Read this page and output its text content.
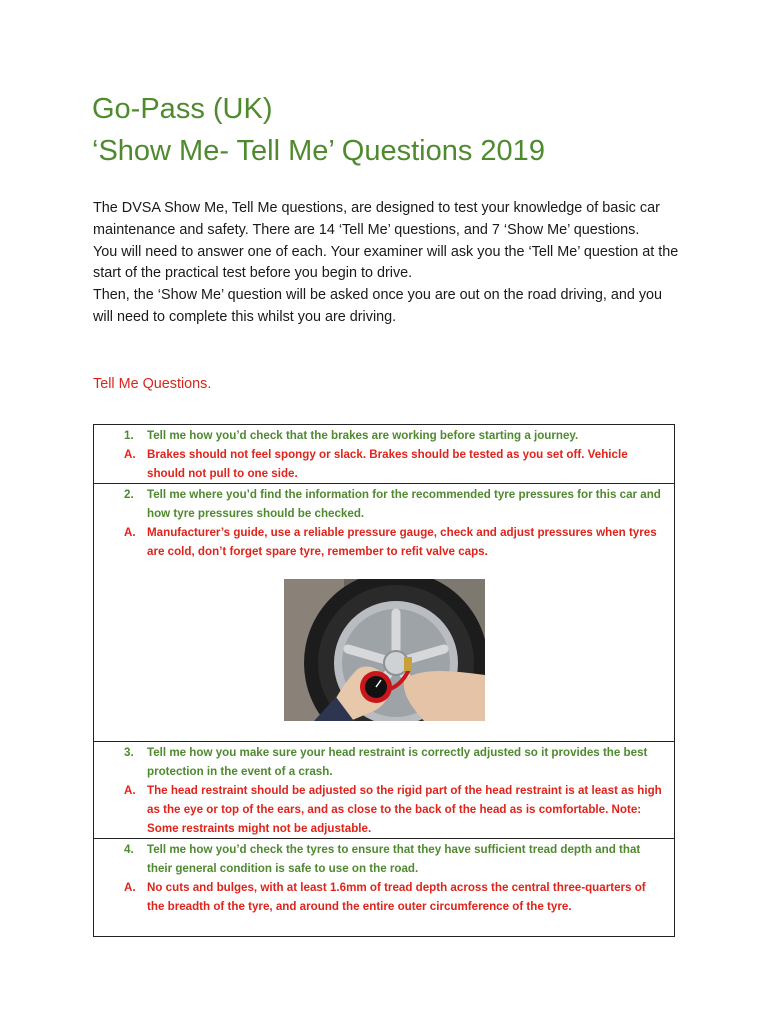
Go-Pass (UK)
‘Show Me- Tell Me’ Questions 2019

The DVSA Show Me, Tell Me questions, are designed to test your knowledge of basic car maintenance and safety. There are 14 ‘Tell Me’ questions, and 7 ‘Show Me’ questions.

You will need to answer one of each. Your examiner will ask you the ‘Tell Me’ question at the start of the practical test before you begin to drive.

Then, the ‘Show Me’ question will be asked once you are out on the road driving, and you will need to complete this whilst you are driving.

Tell Me Questions.

1. Tell me how you’d check that the brakes are working before starting a journey.

A. Brakes should not feel spongy or slack. Brakes should be tested as you set off. Vehicle should not pull to one side.

2. Tell me where you’d find the information for the recommended tyre pressures for this car and how tyre pressures should be checked.

A. Manufacturer’s guide, use a reliable pressure gauge, check and adjust pressures when tyres are cold, don’t forget spare tyre, remember to refit valve caps.

3. Tell me how you make sure your head restraint is correctly adjusted so it provides the best protection in the event of a crash.

A. The head restraint should be adjusted so the rigid part of the head restraint is at least as high as the eye or top of the ears, and as close to the back of the head as is comfortable. Note: Some restraints might not be adjustable.

4. Tell me how you’d check the tyres to ensure that they have sufficient tread depth and that their general condition is safe to use on the road.

A. No cuts and bulges, with at least 1.6mm of tread depth across the central three-quarters of the breadth of the tyre, and around the entire outer circumference of the tyre.
